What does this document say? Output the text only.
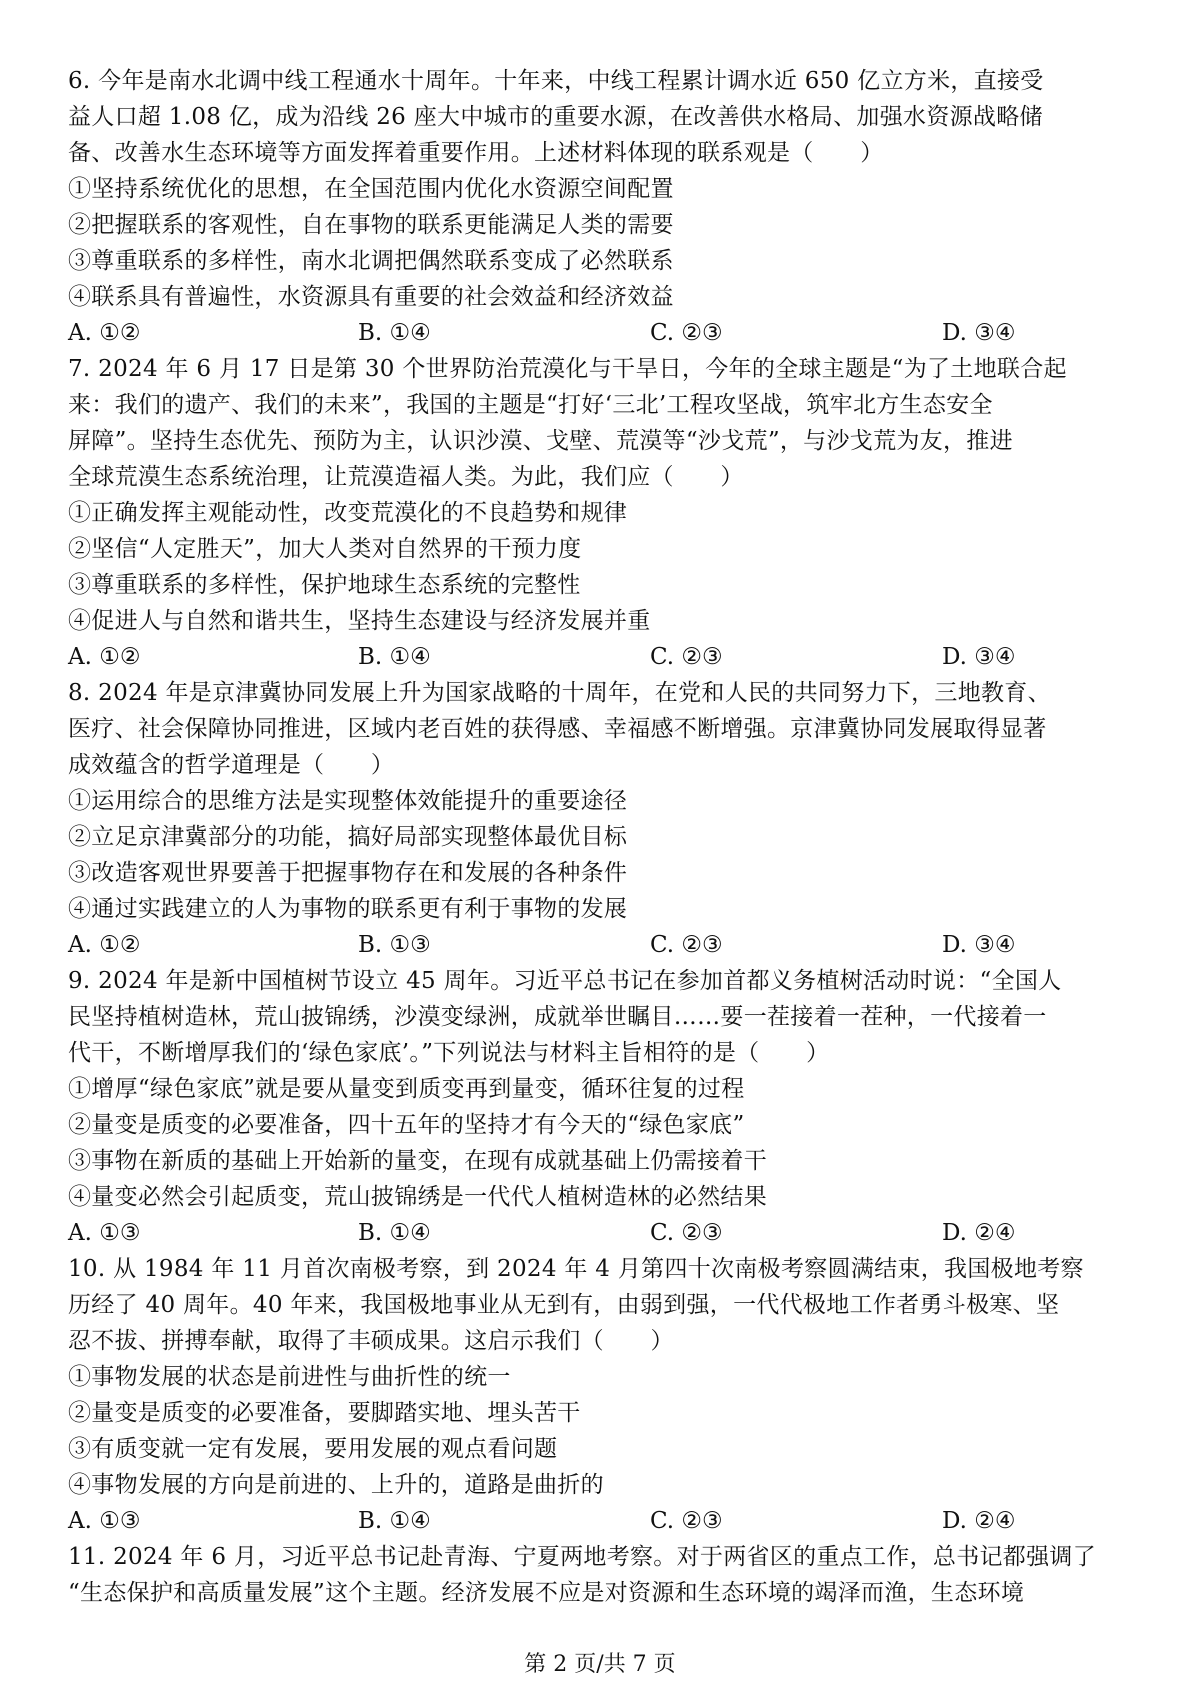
6. 今年是南水北调中线工程通水十周年。十年来，中线工程累计调水近 650 亿立方米，直接受
益人口超 1.08 亿，成为沿线 26 座大中城市的重要水源，在改善供水格局、加强水资源战略储
备、改善水生态环境等方面发挥着重要作用。上述材料体现的联系观是（　　）
①坚持系统优化的思想，在全国范围内优化水资源空间配置
②把握联系的客观性，自在事物的联系更能满足人类的需要
③尊重联系的多样性，南水北调把偶然联系变成了必然联系
④联系具有普遍性，水资源具有重要的社会效益和经济效益
A. ①②	B. ①④	C. ②③	D. ③④
7. 2024 年 6 月 17 日是第 30 个世界防治荒漠化与干旱日，今年的全球主题是“为了土地联合起
来：我们的遗产、我们的未来”，我国的主题是“打好‘三北’工程攻坚战，筑牢北方生态安全
屏障”。坚持生态优先、预防为主，认识沙漠、戈壁、荒漠等“沙戈荒”，与沙戈荒为友，推进
全球荒漠生态系统治理，让荒漠造福人类。为此，我们应（　　）
①正确发挥主观能动性，改变荒漠化的不良趋势和规律
②坚信“人定胜天”，加大人类对自然界的干预力度
③尊重联系的多样性，保护地球生态系统的完整性
④促进人与自然和谐共生，坚持生态建设与经济发展并重
A. ①②	B. ①④	C. ②③	D. ③④
8. 2024 年是京津冀协同发展上升为国家战略的十周年，在党和人民的共同努力下，三地教育、
医疗、社会保障协同推进，区域内老百姓的获得感、幸福感不断增强。京津冀协同发展取得显著
成效蕴含的哲学道理是（　　）
①运用综合的思维方法是实现整体效能提升的重要途径
②立足京津冀部分的功能，搞好局部实现整体最优目标
③改造客观世界要善于把握事物存在和发展的各种条件
④通过实践建立的人为事物的联系更有利于事物的发展
A. ①②	B. ①③	C. ②③	D. ③④
9. 2024 年是新中国植树节设立 45 周年。习近平总书记在参加首都义务植树活动时说：“全国人
民坚持植树造林，荒山披锦绣，沙漠变绿洲，成就举世瞩目……要一茬接着一茬种，一代接着一
代干，不断增厚我们的‘绿色家底’。”下列说法与材料主旨相符的是（　　）
①增厚“绿色家底”就是要从量变到质变再到量变，循环往复的过程
②量变是质变的必要准备，四十五年的坚持才有今天的“绿色家底”
③事物在新质的基础上开始新的量变，在现有成就基础上仍需接着干
④量变必然会引起质变，荒山披锦绣是一代代人植树造林的必然结果
A. ①③	B. ①④	C. ②③	D. ②④
10. 从 1984 年 11 月首次南极考察，到 2024 年 4 月第四十次南极考察圆满结束，我国极地考察
历经了 40 周年。40 年来，我国极地事业从无到有，由弱到强，一代代极地工作者勇斗极寒、坚
忍不拔、拼搏奉献，取得了丰硕成果。这启示我们（　　）
①事物发展的状态是前进性与曲折性的统一
②量变是质变的必要准备，要脚踏实地、埋头苦干
③有质变就一定有发展，要用发展的观点看问题
④事物发展的方向是前进的、上升的，道路是曲折的
A. ①③	B. ①④	C. ②③	D. ②④
11. 2024 年 6 月，习近平总书记赴青海、宁夏两地考察。对于两省区的重点工作，总书记都强调了
“生态保护和高质量发展”这个主题。经济发展不应是对资源和生态环境的竭泽而渔，生态环境
第 2 页/共 7 页
